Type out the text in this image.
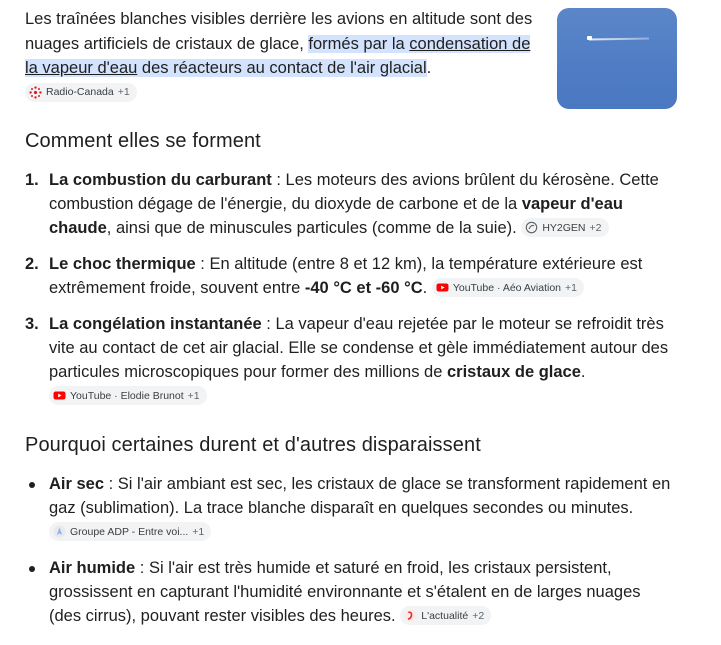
Les traînées blanches visibles derrière les avions en altitude sont des nuages artificiels de cristaux de glace, formés par la condensation de la vapeur d'eau des réacteurs au contact de l'air glacial.
Radio-Canada +1

Comment elles se forment
1. La combustion du carburant : Les moteurs des avions brûlent du kérosène. Cette combustion dégage de l'énergie, du dioxyde de carbone et de la vapeur d'eau chaude, ainsi que de minuscules particules (comme de la suie). HY2GEN +2
2. Le choc thermique : En altitude (entre 8 et 12 km), la température extérieure est extrêmement froide, souvent entre -40 °C et -60 °C. YouTube · Aéo Aviation +1
3. La congélation instantanée : La vapeur d'eau rejetée par le moteur se refroidit très vite au contact de cet air glacial. Elle se condense et gèle immédiatement autour des particules microscopiques pour former des millions de cristaux de glace.
YouTube · Elodie Brunot +1
Pourquoi certaines durent et d'autres disparaissent
Air sec : Si l'air ambiant est sec, les cristaux de glace se transforment rapidement en gaz (sublimation). La trace blanche disparaît en quelques secondes ou minutes.
Groupe ADP - Entre voi... +1
Air humide : Si l'air est très humide et saturé en froid, les cristaux persistent, grossissent en capturant l'humidité environnante et s'étalent en de larges nuages (des cirrus), pouvant rester visibles des heures. L'actualité +2
